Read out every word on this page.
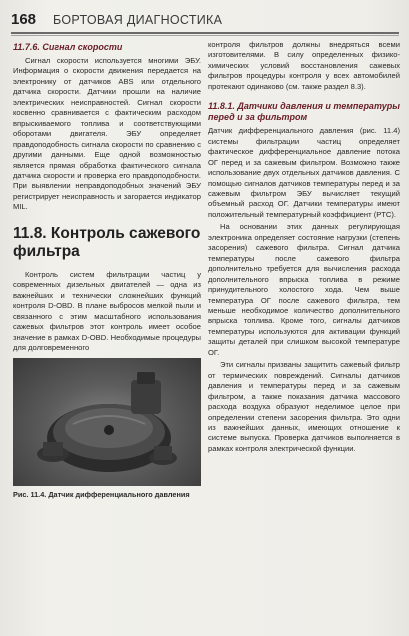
168 БОРТОВАЯ ДИАГНОСТИКА
11.7.6. Сигнал скорости

Сигнал скорости используется многими ЭБУ. Информация о скорости движения передается на электронику от датчиков ABS или отдельного датчика скорости. Датчики прошли на наличие электрических неисправностей. Сигнал скорости косвенно сравнивается с фактическим расходом впрыскиваемого топлива и соответствующими оборотами двигателя. ЭБУ определяет правдоподобность сигнала скорости по сравнению с другими данными. Еще одной возможностью является прямая обработка фактического сигнала датчика скорости и проверка его правдоподобности. При выявлении неправдоподобных значений ЭБУ регистрирует неисправность и загорается индикатор MIL.

11.8. Контроль сажевого фильтра

Контроль систем фильтрации частиц у современных дизельных двигателей — одна из важнейших и технически сложнейших функций контроля D-OBD. В плане выбросов мелкой пыли и связанного с этим масштабного использования сажевых фильтров этот контроль имеет особое значение в рамках D-OBD. Необходимые процедуры для долговременного

Рис. 11.4. Датчик дифференциального давления

контроля фильтров должны внедряться всеми изготовителями. В силу определенных физико-химических условий восстановления сажевых фильтров процедуры контроля у всех автомобилей протекают одинаково (см. также раздел 8.3).

11.8.1. Датчики давления и температуры перед и за фильтром

Датчик дифференциального давления (рис. 11.4) системы фильтрации частиц определяет фактическое дифференциальное давление потока ОГ перед и за сажевым фильтром. Возможно также использование двух отдельных датчиков давления. С помощью сигналов датчиков температуры перед и за сажевым фильтром ЭБУ вычисляет текущий объемный расход ОГ. Датчики температуры имеют положительный температурный коэффициент (PTC).

На основании этих данных регулирующая электроника определяет состояние нагрузки (степень засорения) сажевого фильтра. Сигнал датчика температуры после сажевого фильтра дополнительно требуется для вычисления расхода дополнительного впрыска топлива в режиме принудительного холостого хода. Чем выше температура ОГ после сажевого фильтра, тем меньше необходимое количество дополнительного впрыска топлива. Кроме того, сигналы датчиков температуры используются для активации функций защиты деталей при слишком высокой температуре ОГ.

Эти сигналы призваны защитить сажевый фильтр от термических повреждений. Сигналы датчиков давления и температуры перед и за сажевым фильтром, а также показания датчика массового расхода воздуха образуют неделимое целое при определении степени засорения фильтра. Это одни из важнейших данных, имеющих отношение к системе выпуска. Проверка датчиков выполняется в рамках контроля электрической функции.
